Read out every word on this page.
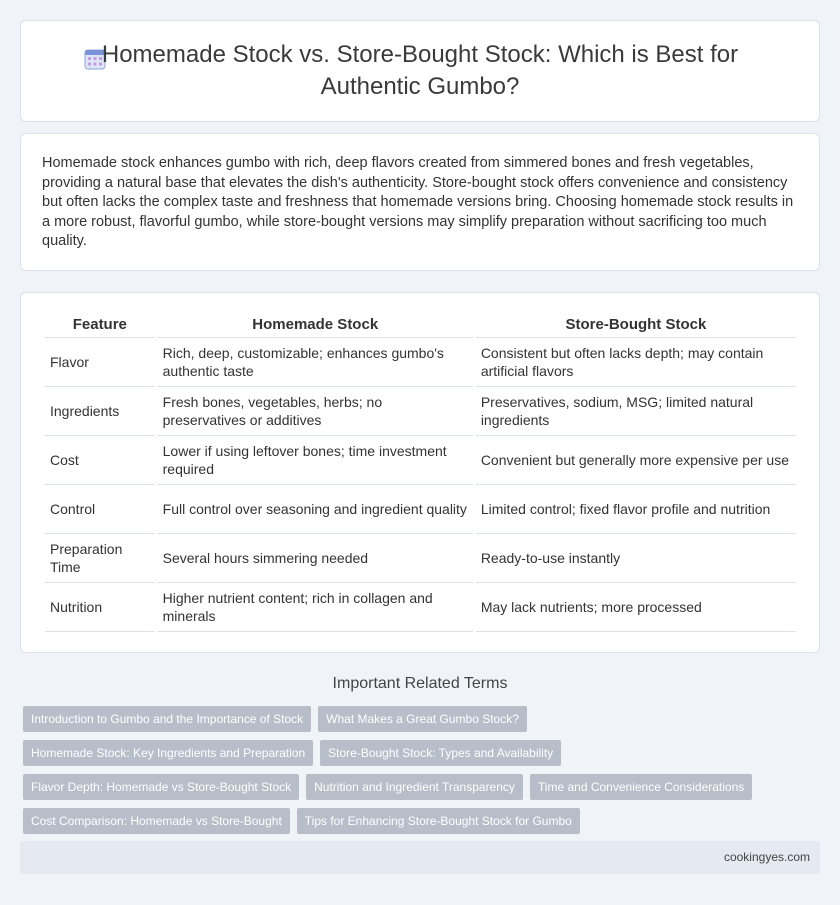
Homemade Stock vs. Store-Bought Stock: Which is Best for Authentic Gumbo?

Homemade stock enhances gumbo with rich, deep flavors created from simmered bones and fresh vegetables, providing a natural base that elevates the dish's authenticity. Store-bought stock offers convenience and consistency but often lacks the complex taste and freshness that homemade versions bring. Choosing homemade stock results in a more robust, flavorful gumbo, while store-bought versions may simplify preparation without sacrificing too much quality.

Feature	Homemade Stock	Store-Bought Stock
Flavor	Rich, deep, customizable; enhances gumbo's authentic taste	Consistent but often lacks depth; may contain artificial flavors
Ingredients	Fresh bones, vegetables, herbs; no preservatives or additives	Preservatives, sodium, MSG; limited natural ingredients
Cost	Lower if using leftover bones; time investment required	Convenient but generally more expensive per use
Control	Full control over seasoning and ingredient quality	Limited control; fixed flavor profile and nutrition
Preparation Time	Several hours simmering needed	Ready-to-use instantly
Nutrition	Higher nutrient content; rich in collagen and minerals	May lack nutrients; more processed
Important Related Terms
Introduction to Gumbo and the Importance of Stock	What Makes a Great Gumbo Stock?
Homemade Stock: Key Ingredients and Preparation	Store-Bought Stock: Types and Availability
Flavor Depth: Homemade vs Store-Bought Stock	Nutrition and Ingredient Transparency	Time and Convenience Considerations
Cost Comparison: Homemade vs Store-Bought	Tips for Enhancing Store-Bought Stock for Gumbo
cookingyes.com
